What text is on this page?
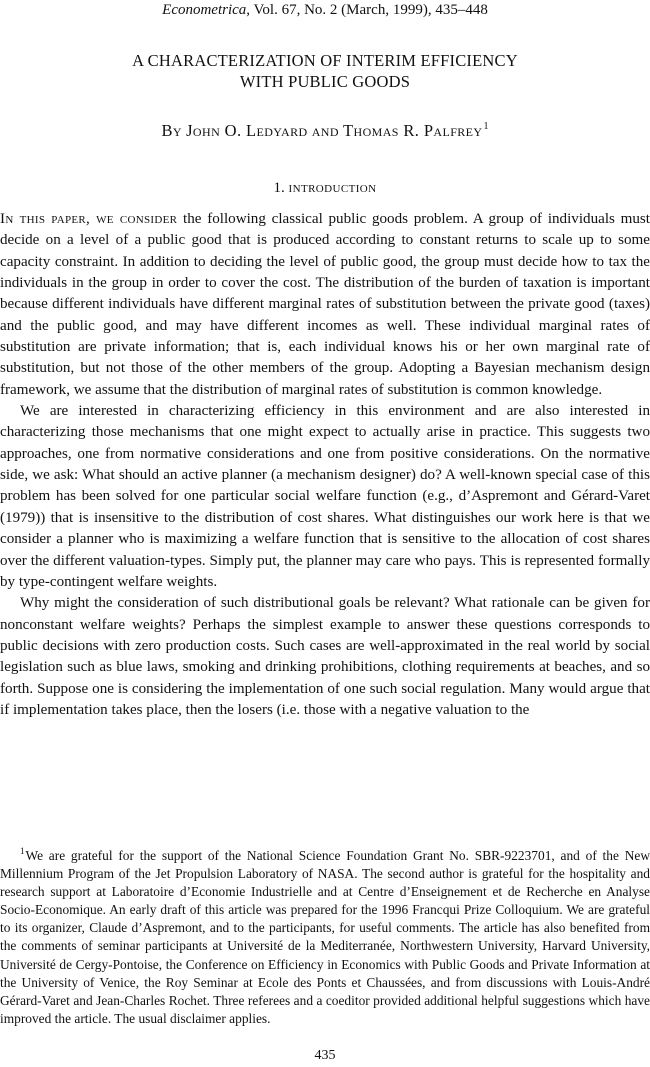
Econometrica, Vol. 67, No. 2 (March, 1999), 435–448
A CHARACTERIZATION OF INTERIM EFFICIENCY
WITH PUBLIC GOODS
By John O. Ledyard and Thomas R. Palfrey$^1$
1. introduction

In this paper, we consider the following classical public goods problem. A group of individuals must decide on a level of a public good that is produced according to constant returns to scale up to some capacity constraint. In addition to deciding the level of public good, the group must decide how to tax the individuals in the group in order to cover the cost. The distribution of the burden of taxation is important because different individuals have different marginal rates of substitution between the private good (taxes) and the public good, and may have different incomes as well. These individual marginal rates of substitution are private information; that is, each individual knows his or her own marginal rate of substitution, but not those of the other members of the group. Adopting a Bayesian mechanism design framework, we assume that the distribution of marginal rates of substitution is common knowledge.

We are interested in characterizing efficiency in this environment and are also interested in characterizing those mechanisms that one might expect to actually arise in practice. This suggests two approaches, one from normative considerations and one from positive considerations. On the normative side, we ask: What should an active planner (a mechanism designer) do? A well-known special case of this problem has been solved for one particular social welfare function (e.g., d’Aspremont and Gérard-Varet (1979)) that is insensitive to the distribution of cost shares. What distinguishes our work here is that we consider a planner who is maximizing a welfare function that is sensitive to the allocation of cost shares over the different valuation-types. Simply put, the planner may care who pays. This is represented formally by type-contingent welfare weights.

Why might the consideration of such distributional goals be relevant? What rationale can be given for nonconstant welfare weights? Perhaps the simplest example to answer these questions corresponds to public decisions with zero production costs. Such cases are well-approximated in the real world by social legislation such as blue laws, smoking and drinking prohibitions, clothing requirements at beaches, and so forth. Suppose one is considering the implementation of one such social regulation. Many would argue that if implementation takes place, then the losers (i.e. those with a negative valuation to the

$^1$We are grateful for the support of the National Science Foundation Grant No. SBR-9223701, and of the New Millennium Program of the Jet Propulsion Laboratory of NASA. The second author is grateful for the hospitality and research support at Laboratoire d’Economie Industrielle and at Centre d’Enseignement et de Recherche en Analyse Socio-Economique. An early draft of this article was prepared for the 1996 Francqui Prize Colloquium. We are grateful to its organizer, Claude d’Aspremont, and to the participants, for useful comments. The article has also benefited from the comments of seminar participants at Université de la Mediterranée, Northwestern University, Harvard University, Université de Cergy-Pontoise, the Conference on Efficiency in Economics with Public Goods and Private Information at the University of Venice, the Roy Seminar at Ecole des Ponts et Chaussées, and from discussions with Louis-André Gérard-Varet and Jean-Charles Rochet. Three referees and a coeditor provided additional helpful suggestions which have improved the article. The usual disclaimer applies.

435
